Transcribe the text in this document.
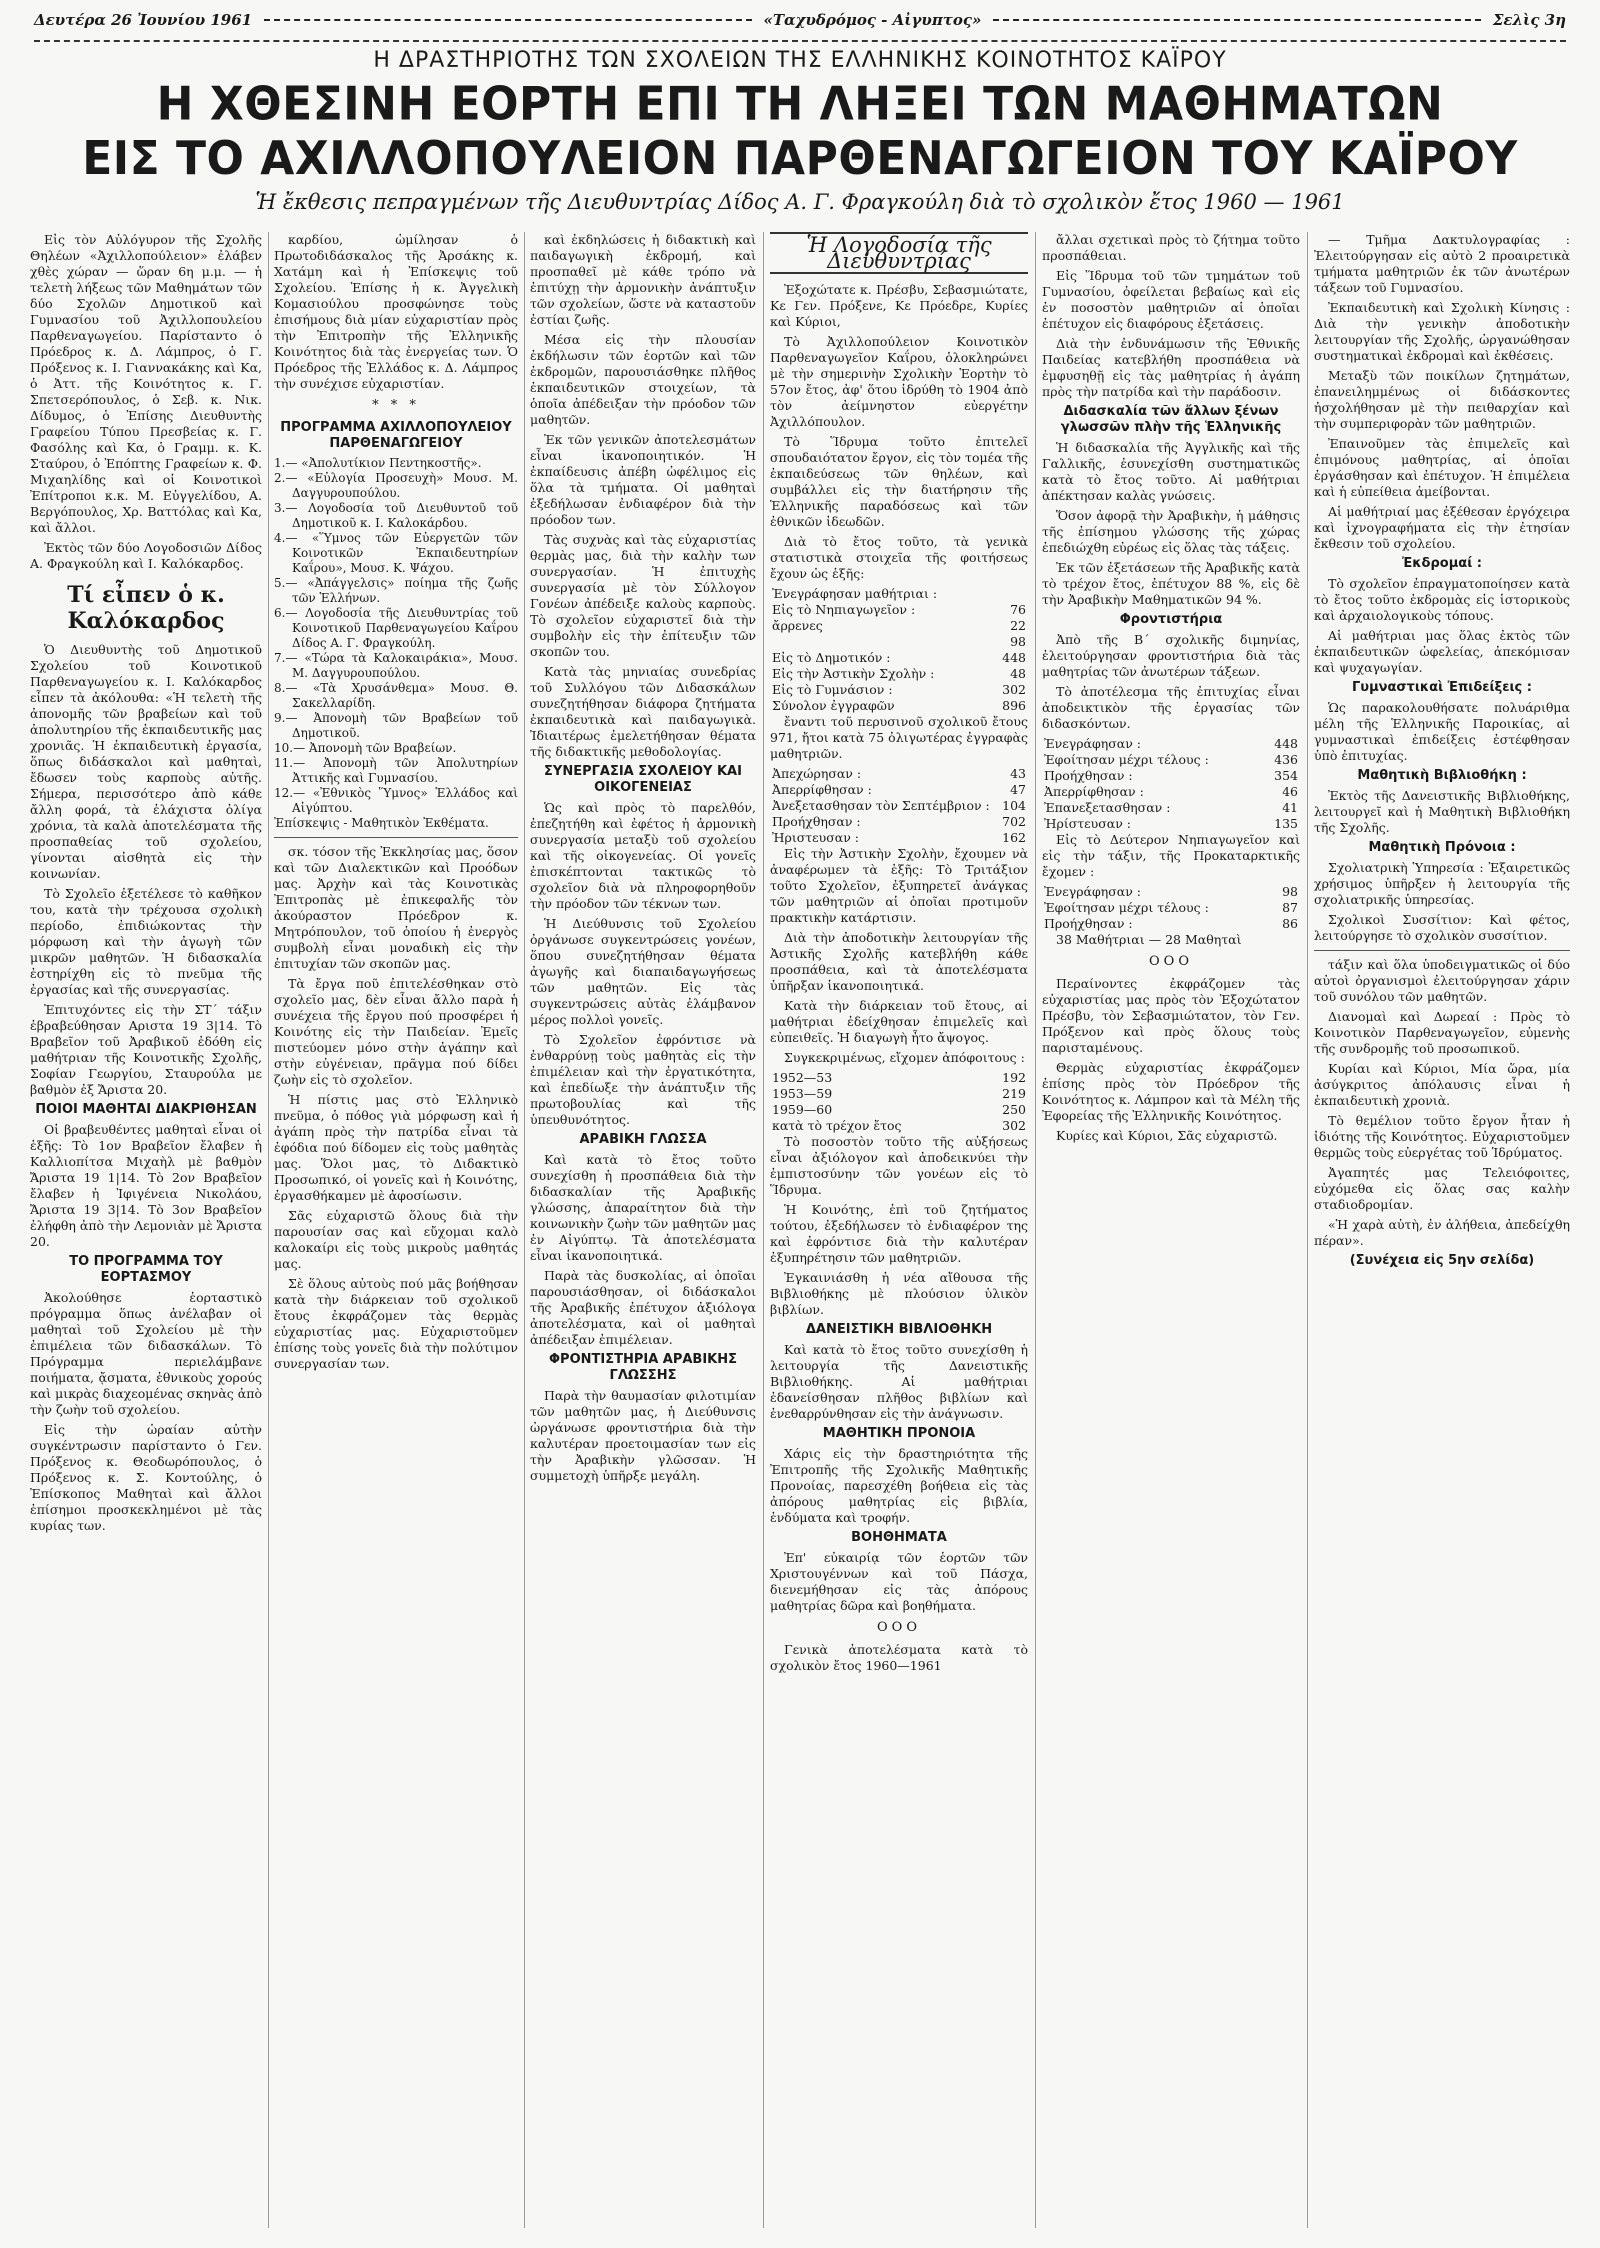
Δευτέρα 26 Ἰουνίου 1961	«Ταχυδρόμος - Αἰγυπτος»	Σελὶς 3η
Η ΔΡΑΣΤΗΡΙΟΤΗΣ ΤΩΝ ΣΧΟΛΕΙΩΝ ΤΗΣ ΕΛΛΗΝΙΚΗΣ ΚΟΙΝΟΤΗΤΟΣ ΚΑΪΡΟΥ
Η ΧΘΕΣΙΝΗ ΕΟΡΤΗ ΕΠΙ ΤΗ ΛΗΞΕΙ ΤΩΝ ΜΑΘΗΜΑΤΩΝ
ΕΙΣ ΤΟ ΑΧΙΛΛΟΠΟΥΛΕΙΟΝ ΠΑΡΘΕΝΑΓΩΓΕΙΟΝ ΤΟΥ ΚΑΪΡΟΥ
Ἡ ἔκθεσις πεπραγμένων τῆς Διευθυντρίας Δίδος Α. Γ. Φραγκούλη διὰ τὸ σχολικὸν ἔτος 1960 — 1961

Εἰς τὸν Αὐλόγυρον τῆς Σχολῆς Θηλέων «Ἀχιλλοπούλειον» ἐλάβεν χθὲς χώραν — ὥραν 6η μ.μ. — ἡ τελετὴ λήξεως τῶν Μαθημάτων τῶν δύο Σχολῶν Δημοτικοῦ καὶ Γυμνασίου τοῦ Ἀχιλλοπουλείου Παρθεναγωγείου. Παρίσταντο ὁ Πρόεδρος κ. Δ. Λάμπρος, ὁ Γ. Πρόξενος κ. Ι. Γιαννακάκης καὶ Κα, ὁ Ἀττ. τῆς Κοινότητος κ. Γ. Σπετσερόπουλος, ὁ Σεβ. κ. Νικ. Δίδυμος, ὁ Ἐπίσης Διευθυντὴς Γραφείου Τύπου Πρεσβείας κ. Γ. Φασόλης καὶ Κα, ὁ Γραμμ. κ. Κ. Σταύρου, ὁ Ἐπόπτης Γραφείων κ. Φ. Μιχαηλίδης καὶ οἱ Κοινοτικοὶ Ἐπίτροποι κ.κ. Μ. Εὐγγελίδου, Α. Βεργόπουλος, Χρ. Βαττόλας καὶ Κα, καὶ ἄλλοι.

Ἐκτὸς τῶν δύο Λογοδοσιῶν Δίδος Α. Φραγκούλη καὶ Ι. Καλόκαρδος.

Τί εἶπεν ὁ κ. Καλόκαρδος

Ὁ Διευθυντὴς τοῦ Δημοτικοῦ Σχολείου τοῦ Κοινοτικοῦ Παρθεναγωγείου κ. Ι. Καλόκαρδος εἶπεν τὰ ἀκόλουθα: «Ἡ τελετὴ τῆς ἀπονομῆς τῶν βραβείων καὶ τοῦ ἀπολυτηρίου τῆς ἐκπαιδευτικῆς μας χρονιᾶς. Ἡ ἐκπαιδευτικὴ ἐργασία, ὅπως διδάσκαλοι καὶ μαθηταὶ, ἔδωσεν τοὺς καρποὺς αὐτῆς. Σήμερα, περισσότερο ἀπὸ κάθε ἄλλη φορά, τὰ ἐλάχιστα ὀλίγα χρόνια, τὰ καλὰ ἀποτελέσματα τῆς προσπαθείας τοῦ σχολείου, γίνονται αἰσθητὰ εἰς τὴν κοινωνίαν.

Τὸ Σχολεῖο ἐξετέλεσε τὸ καθῆκον του, κατὰ τὴν τρέχουσα σχολικὴ περίοδο, ἐπιδιώκοντας τὴν μόρφωση καὶ τὴν ἀγωγὴ τῶν μικρῶν μαθητῶν. Ἡ διδασκαλία ἐστηρίχθη εἰς τὸ πνεῦμα τῆς ἐργασίας καὶ τῆς συνεργασίας.

Ἐπιτυχόντες εἰς τὴν ΣΤ΄ τάξιν ἐβραβεύθησαν Αριστα 19 3|14. Τὸ Βραβεῖον τοῦ Ἀραβικοῦ ἐδόθη εἰς μαθήτριαν τῆς Κοινοτικῆς Σχολῆς, Σοφίαν Γεωργίου, Σταυρούλα με βαθμὸν ἐξ Ἄριστα 20.

ΠΟΙΟΙ ΜΑΘΗΤΑΙ ΔΙΑΚΡΙΘΗΣΑΝ

Οἱ βραβευθέντες μαθηταὶ εἶναι οἱ ἑξῆς: Τὸ 1ον Βραβεῖον ἔλαβεν ἡ Καλλιοπίτσα Μιχαὴλ μὲ βαθμὸν Ἄριστα 19 1|14. Τὸ 2ον Βραβεῖον ἔλαβεν ἡ Ἰφιγένεια Νικολάου, Ἄριστα 19 3|14. Τὸ 3ον Βραβεῖον ἐλήφθη ἀπὸ τὴν Λεμονιὰν μὲ Ἄριστα 20.

ΤΟ ΠΡΟΓΡΑΜΜΑ ΤΟΥ ΕΟΡΤΑΣΜΟΥ

Ἀκολούθησε ἑορταστικὸ πρόγραμμα ὅπως ἀνέλαβαν οἱ μαθηταὶ τοῦ Σχολείου μὲ τὴν ἐπιμέλεια τῶν διδασκάλων. Τὸ Πρόγραμμα περιελάμβανε ποιήματα, ᾄσματα, ἐθνικοὺς χορούς καὶ μικρὰς διαχεομένας σκηνὰς ἀπὸ τὴν ζωὴν τοῦ σχολείου.

Εἰς τὴν ὡραίαν αὐτὴν συγκέντρωσιν παρίσταντο ὁ Γεν. Πρόξενος κ. Θεοδωρόπουλος, ὁ Πρόξενος κ. Σ. Κοντούλης, ὁ Ἐπίσκοπος Μαθηταὶ καὶ ἄλλοι ἐπίσημοι προσκεκλημένοι μὲ τὰς κυρίας των.

καρδίου, ὡμίλησαν ὁ Πρωτοδιδάσκαλος τῆς Ἀρσάκης κ. Χατάμη καὶ ἡ Ἐπίσκεψις τοῦ Σχολείου. Ἐπίσης ἡ κ. Ἀγγελικὴ Κομασιούλου προσφώνησε τοὺς ἐπισήμους διὰ μίαν εὐχαριστίαν πρὸς τὴν Ἐπιτροπὴν τῆς Ἑλληνικῆς Κοινότητος διὰ τὰς ἐνεργείας των. Ὁ Πρόεδρος τῆς Ἑλλάδος κ. Δ. Λάμπρος τὴν συνέχισε εὐχαριστίαν.

* * *

ΠΡΟΓΡΑΜΜΑ ΑΧΙΛΛΟΠΟΥΛΕΙΟΥ ΠΑΡΘΕΝΑΓΩΓΕΙΟΥ

1.— «Ἀπολυτίκιον Πεντηκοστῆς».
2.— «Εὐλογία Προσευχὴ» Μουσ. Μ. Δαγγυρουπούλου.
3.— Λογοδοσία τοῦ Διευθυντοῦ τοῦ Δημοτικοῦ κ. Ι. Καλοκάρδου.
4.— «Ὕμνος τῶν Εὐεργετῶν τῶν Κοινοτικῶν Ἐκπαιδευτηρίων Καΐρου», Μουσ. Κ. Ψάχου.
5.— «Ἀπάγγελσις» ποίημα τῆς ζωῆς τῶν Ἑλλήνων.
6.— Λογοδοσία τῆς Διευθυντρίας τοῦ Κοινοτικοῦ Παρθεναγωγείου Καΐρου Δίδος Α. Γ. Φραγκούλη.
7.— «Τώρα τὰ Καλοκαιράκια», Μουσ. Μ. Δαγγυρουπούλου.
8.— «Τὰ Χρυσάνθεμα» Μουσ. Θ. Σακελλαρίδη.
9.— Ἀπονομὴ τῶν Βραβείων τοῦ Δημοτικοῦ.
10.— Ἀπονομὴ τῶν Βραβείων.
11.— Ἀπονομὴ τῶν Ἀπολυτηρίων Ἀττικῆς καὶ Γυμνασίου.
12.— «Ἐθνικὸς Ὕμνος» Ἑλλάδος καὶ Αἰγύπτου.
Ἐπίσκεψις - Μαθητικὸν Ἐκθέματα.

σκ. τόσον τῆς Ἐκκλησίας μας, ὅσον καὶ τῶν Διαλεκτικῶν καὶ Προόδων μας. Ἀρχὴν καὶ τὰς Κοινοτικὰς Ἐπιτροπὰς μὲ ἐπικεφαλῆς τὸν ἀκούραστον Πρόεδρον κ. Μητρόπουλον, τοῦ ὁποίου ἡ ἐνεργὸς συμβολὴ εἶναι μοναδικὴ εἰς τὴν ἐπιτυχίαν τῶν σκοπῶν μας.

Τὰ ἔργα ποῦ ἐπιτελέσθηκαν στὸ σχολεῖο μας, δὲν εἶναι ἄλλο παρὰ ἡ συνέχεια τῆς ἔργου πού προσφέρει ἡ Κοινότης εἰς τὴν Παιδείαν. Ἐμεῖς πιστεύομεν μόνο στὴν ἀγάπην καὶ στὴν εὐγένειαν, πρᾶγμα πού δίδει ζωὴν εἰς τὸ σχολεῖον.

Ἡ πίστις μας στὸ Ἑλληνικὸ πνεῦμα, ὁ πόθος γιὰ μόρφωση καὶ ἡ ἀγάπη πρὸς τὴν πατρίδα εἶναι τὰ ἐφόδια πού δίδομεν εἰς τοὺς μαθητὰς μας. Ὅλοι μας, τὸ Διδακτικὸ Προσωπικό, οἱ γονεῖς καὶ ἡ Κοινότης, ἐργασθήκαμεν μὲ ἀφοσίωσιν.

Σᾶς εὐχαριστῶ ὅλους διὰ τὴν παρουσίαν σας καὶ εὔχομαι καλὸ καλοκαίρι εἰς τοὺς μικροὺς μαθητάς μας.

Σὲ ὅλους αὐτοὺς πού μᾶς βοήθησαν κατὰ τὴν διάρκειαν τοῦ σχολικοῦ ἔτους ἐκφράζομεν τὰς θερμὰς εὐχαριστίας μας. Εὐχαριστοῦμεν ἐπίσης τοὺς γονεῖς διὰ τὴν πολύτιμον συνεργασίαν των.

καὶ ἐκδηλώσεις ἡ διδακτικὴ καὶ παιδαγωγικὴ ἐκδρομή, καὶ προσπαθεῖ μὲ κάθε τρόπο νὰ ἐπιτύχῃ τὴν ἀρμονικὴν ἀνάπτυξιν τῶν σχολείων, ὥστε νὰ καταστοῦν ἐστίαι ζωῆς.

Μέσα εἰς τὴν πλουσίαν ἐκδήλωσιν τῶν ἑορτῶν καὶ τῶν ἐκδρομῶν, παρουσιάσθηκε πλῆθος ἐκπαιδευτικῶν στοιχείων, τὰ ὁποῖα ἀπέδειξαν τὴν πρόοδον τῶν μαθητῶν.

Ἐκ τῶν γενικῶν ἀποτελεσμάτων εἶναι ἱκανοποιητικόν. Ἡ ἐκπαίδευσις ἀπέβη ὠφέλιμος εἰς ὅλα τὰ τμήματα. Οἱ μαθηταὶ ἐξεδήλωσαν ἐνδιαφέρον διὰ τὴν πρόοδον των.

Τὰς συχνὰς καὶ τὰς εὐχαριστίας θερμὰς μας, διὰ τὴν καλὴν των συνεργασίαν. Ἡ ἐπιτυχὴς συνεργασία μὲ τὸν Σύλλογον Γονέων ἀπέδειξε καλοὺς καρποὺς. Τὸ σχολεῖον εὐχαριστεῖ διὰ τὴν συμβολὴν εἰς τὴν ἐπίτευξιν τῶν σκοπῶν του.

Κατὰ τὰς μηνιαίας συνεδρίας τοῦ Συλλόγου τῶν Διδασκάλων συνεζητήθησαν διάφορα ζητήματα ἐκπαιδευτικὰ καὶ παιδαγωγικὰ. Ἰδιαιτέρως ἐμελετήθησαν θέματα τῆς διδακτικῆς μεθοδολογίας.

ΣΥΝΕΡΓΑΣΙΑ ΣΧΟΛΕΙΟΥ ΚΑΙ ΟΙΚΟΓΕΝΕΙΑΣ

Ὡς καὶ πρὸς τὸ παρελθόν, ἐπεζητήθη καὶ ἐφέτος ἡ ἀρμονικὴ συνεργασία μεταξὺ τοῦ σχολείου καὶ τῆς οἰκογενείας. Οἱ γονεῖς ἐπισκέπτονται τακτικῶς τὸ σχολεῖον διὰ νὰ πληροφορηθοῦν τὴν πρόοδον τῶν τέκνων των.

Ἡ Διεύθυνσις τοῦ Σχολείου ὀργάνωσε συγκεντρώσεις γονέων, ὅπου συνεζητήθησαν θέματα ἀγωγῆς καὶ διαπαιδαγωγήσεως τῶν μαθητῶν. Εἰς τὰς συγκεντρώσεις αὐτὰς ἐλάμβανον μέρος πολλοὶ γονεῖς.

Τὸ Σχολεῖον ἐφρόντισε νὰ ἐνθαρρύνῃ τοὺς μαθητὰς εἰς τὴν ἐπιμέλειαν καὶ τὴν ἐργατικότητα, καὶ ἐπεδίωξε τὴν ἀνάπτυξιν τῆς πρωτοβουλίας καὶ τῆς ὑπευθυνότητος.

ΑΡΑΒΙΚΗ ΓΛΩΣΣΑ

Καὶ κατὰ τὸ ἔτος τοῦτο συνεχίσθη ἡ προσπάθεια διὰ τὴν διδασκαλίαν τῆς Ἀραβικῆς γλώσσης, ἀπαραίτητον διὰ τὴν κοινωνικὴν ζωὴν τῶν μαθητῶν μας ἐν Αἰγύπτῳ. Τὰ ἀποτελέσματα εἶναι ἱκανοποιητικά.

Παρὰ τὰς δυσκολίας, αἱ ὁποῖαι παρουσιάσθησαν, οἱ διδάσκαλοι τῆς Ἀραβικῆς ἐπέτυχον ἀξιόλογα ἀποτελέσματα, καὶ οἱ μαθηταὶ ἀπέδειξαν ἐπιμέλειαν.

ΦΡΟΝΤΙΣΤΗΡΙΑ ΑΡΑΒΙΚΗΣ ΓΛΩΣΣΗΣ

Παρὰ τὴν θαυμασίαν φιλοτιμίαν τῶν μαθητῶν μας, ἡ Διεύθυνσις ὠργάνωσε φροντιστήρια διὰ τὴν καλυτέραν προετοιμασίαν των εἰς τὴν Ἀραβικὴν γλῶσσαν. Ἡ συμμετοχὴ ὑπῆρξε μεγάλη.

Ἡ Λογοδοσία τῆς Διευθυντρίας

Ἐξοχώτατε κ. Πρέσβυ, Σεβασμιώτατε, Κε Γεν. Πρόξενε, Κε Πρόεδρε, Κυρίες καὶ Κύριοι,

Τὸ Ἀχιλλοπούλειον Κοινοτικὸν Παρθεναγωγεῖον Καΐρου, ὁλοκληρώνει μὲ τὴν σημερινὴν Σχολικὴν Ἑορτὴν τὸ 57ον ἔτος, ἀφ' ὅτου ἱδρύθη τὸ 1904 ἀπὸ τὸν ἀείμνηστον εὐεργέτην Ἀχιλλόπουλον.

Τὸ Ἵδρυμα τοῦτο ἐπιτελεῖ σπουδαιότατον ἔργον, εἰς τὸν τομέα τῆς ἐκπαιδεύσεως τῶν θηλέων, καὶ συμβάλλει εἰς τὴν διατήρησιν τῆς Ἑλληνικῆς παραδόσεως καὶ τῶν ἐθνικῶν ἰδεωδῶν.

Διὰ τὸ ἔτος τοῦτο, τὰ γενικὰ στατιστικὰ στοιχεῖα τῆς φοιτήσεως ἔχουν ὡς ἑξῆς:

Ἐνεγράφησαν μαθήτριαι :	
Εἰς τὸ Νηπιαγωγεῖον :	76
ἄρρενες	22
	98
Εἰς τὸ Δημοτικόν :	448
Εἰς τὴν Ἀστικὴν Σχολὴν :	48
Εἰς τὸ Γυμνάσιον :	302
Σύνολον ἐγγραφῶν	896

ἔναντι τοῦ περυσινοῦ σχολικοῦ ἔτους 971, ἤτοι κατὰ 75 ὀλιγωτέρας ἐγγραφὰς μαθητριῶν.

Ἀπεχώρησαν :	43
Ἀπερρίφθησαν :	47
Ἀνεξετασθησαν τὸν Σεπτέμβριον :	104
Προήχθησαν :	702
Ἠριστευσαν :	162

Εἰς τὴν Ἀστικὴν Σχολὴν, ἔχουμεν νὰ ἀναφέρωμεν τὰ ἑξῆς: Τὸ Τριτάξιον τοῦτο Σχολεῖον, ἐξυπηρετεῖ ἀνάγκας τῶν μαθητριῶν αἱ ὁποῖαι προτιμοῦν πρακτικὴν κατάρτισιν.

Διὰ τὴν ἀποδοτικὴν λειτουργίαν τῆς Ἀστικῆς Σχολῆς κατεβλήθη κάθε προσπάθεια, καὶ τὰ ἀποτελέσματα ὑπῆρξαν ἱκανοποιητικά.

Κατὰ τὴν διάρκειαν τοῦ ἔτους, αἱ μαθήτριαι ἐδείχθησαν ἐπιμελεῖς καὶ εὐπειθεῖς. Ἡ διαγωγὴ ἦτο ἄψογος.

Συγκεκριμένως, εἴχομεν ἀπόφοιτους :

1952—53	192
1953—59	219
1959—60	250
κατὰ τὸ τρέχον ἔτος	302

Τὸ ποσοστὸν τοῦτο τῆς αὐξήσεως εἶναι ἀξιόλογον καὶ ἀποδεικνύει τὴν ἐμπιστοσύνην τῶν γονέων εἰς τὸ Ἵδρυμα.

Ἡ Κοινότης, ἐπὶ τοῦ ζητήματος τούτου, ἐξεδήλωσεν τὸ ἐνδιαφέρον της καὶ ἐφρόντισε διὰ τὴν καλυτέραν ἐξυπηρέτησιν τῶν μαθητριῶν.

Ἐγκαινιάσθη ἡ νέα αἴθουσα τῆς Βιβλιοθήκης μὲ πλούσιον ὑλικὸν βιβλίων.

ΔΑΝΕΙΣΤΙΚΗ ΒΙΒΛΙΟΘΗΚΗ

Καὶ κατὰ τὸ ἔτος τοῦτο συνεχίσθη ἡ λειτουργία τῆς Δανειστικῆς Βιβλιοθήκης. Αἱ μαθήτριαι ἐδανείσθησαν πλῆθος βιβλίων καὶ ἐνεθαρρύνθησαν εἰς τὴν ἀνάγνωσιν.

ΜΑΘΗΤΙΚΗ ΠΡΟΝΟΙΑ

Χάρις εἰς τὴν δραστηριότητα τῆς Ἐπιτροπῆς τῆς Σχολικῆς Μαθητικῆς Προνοίας, παρεσχέθη βοήθεια εἰς τὰς ἀπόρους μαθητρίας εἰς βιβλία, ἐνδύματα καὶ τροφήν.

ΒΟΗΘΗΜΑΤΑ

Ἐπ' εὐκαιρίᾳ τῶν ἑορτῶν τῶν Χριστουγέννων καὶ τοῦ Πάσχα, διενεμήθησαν εἰς τὰς ἀπόρους μαθητρίας δῶρα καὶ βοηθήματα.

ΟΟΟ

Γενικὰ ἀποτελέσματα κατὰ τὸ σχολικὸν ἔτος 1960—1961

ἄλλαι σχετικαὶ πρὸς τὸ ζήτημα τοῦτο προσπάθειαι.

Εἰς Ἵδρυμα τοῦ τῶν τμημάτων τοῦ Γυμνασίου, ὀφείλεται βεβαίως καὶ εἰς ἐν ποσοστὸν μαθητριῶν αἱ ὁποῖαι ἐπέτυχον εἰς διαφόρους ἐξετάσεις.

Διὰ τὴν ἐνδυνάμωσιν τῆς Ἐθνικῆς Παιδείας κατεβλήθη προσπάθεια νὰ ἐμφυσηθῇ εἰς τὰς μαθητρίας ἡ ἀγάπη πρὸς τὴν πατρίδα καὶ τὴν παράδοσιν.

Διδασκαλία τῶν ἄλλων ξένων γλωσσῶν πλὴν τῆς Ἑλληνικῆς

Ἡ διδασκαλία τῆς Ἀγγλικῆς καὶ τῆς Γαλλικῆς, ἐσυνεχίσθη συστηματικῶς κατὰ τὸ ἔτος τοῦτο. Αἱ μαθήτριαι ἀπέκτησαν καλὰς γνώσεις.

Ὅσον ἀφορᾷ τὴν Ἀραβικὴν, ἡ μάθησις τῆς ἐπίσημου γλώσσης τῆς χώρας ἐπεδιώχθη εὐρέως εἰς ὅλας τὰς τάξεις.

Ἐκ τῶν ἐξετάσεων τῆς Ἀραβικῆς κατὰ τὸ τρέχον ἔτος, ἐπέτυχον 88 %, εἰς δὲ τὴν Ἀραβικὴν Μαθηματικῶν 94 %.

Φροντιστήρια

Ἀπὸ τῆς Β΄ σχολικῆς διμηνίας, ἐλειτούργησαν φροντιστήρια διὰ τὰς μαθητρίας τῶν ἀνωτέρων τάξεων.

Τὸ ἀποτέλεσμα τῆς ἐπιτυχίας εἶναι ἀποδεικτικὸν τῆς ἐργασίας τῶν διδασκόντων.

Ἐνεγράφησαν :	448
Ἐφοίτησαν μέχρι τέλους :	436
Προήχθησαν :	354
Ἀπερρίφθησαν :	46
Ἐπανεξετασθησαν :	41
Ἠρίστευσαν :	135

Εἰς τὸ Δεύτερον Νηπιαγωγεῖον καὶ εἰς τὴν τάξιν, τῆς Προκαταρκτικῆς ἔχομεν :

Ἐνεγράφησαν :	98
Ἐφοίτησαν μέχρι τέλους :	87
Προήχθησαν :	86

38 Μαθήτριαι — 28 Μαθηταὶ

ΟΟΟ

Περαίνοντες ἐκφράζομεν τὰς εὐχαριστίας μας πρὸς τὸν Ἐξοχώτατον Πρέσβυ, τὸν Σεβασμιώτατον, τὸν Γεν. Πρόξενον καὶ πρὸς ὅλους τοὺς παρισταμένους.

Θερμὰς εὐχαριστίας ἐκφράζομεν ἐπίσης πρὸς τὸν Πρόεδρον τῆς Κοινότητος κ. Λάμπρον καὶ τὰ Μέλη τῆς Ἐφορείας τῆς Ἑλληνικῆς Κοινότητος.

Κυρίες καὶ Κύριοι, Σᾶς εὐχαριστῶ.

— Τμῆμα Δακτυλογραφίας : Ἐλειτούργησαν εἰς αὐτὸ 2 προαιρετικὰ τμήματα μαθητριῶν ἐκ τῶν ἀνωτέρων τάξεων τοῦ Γυμνασίου.

Ἐκπαιδευτικὴ καὶ Σχολικὴ Κίνησις : Διὰ τὴν γενικὴν ἀποδοτικὴν λειτουργίαν τῆς Σχολῆς, ὠργανώθησαν συστηματικαὶ ἐκδρομαὶ καὶ ἐκθέσεις.

Μεταξὺ τῶν ποικίλων ζητημάτων, ἐπανειλημμένως οἱ διδάσκοντες ἠσχολήθησαν μὲ τὴν πειθαρχίαν καὶ τὴν συμπεριφορὰν τῶν μαθητριῶν.

Ἐπαινοῦμεν τὰς ἐπιμελεῖς καὶ ἐπιμόνους μαθητρίας, αἱ ὁποῖαι ἐργάσθησαν καὶ ἐπέτυχον. Ἡ ἐπιμέλεια καὶ ἡ εὐπείθεια ἀμείβονται.

Αἱ μαθήτριαί μας ἐξέθεσαν ἐργόχειρα καὶ ἰχνογραφήματα εἰς τὴν ἐτησίαν ἔκθεσιν τοῦ σχολείου.

Ἐκδρομαί :

Τὸ σχολεῖον ἐπραγματοποίησεν κατὰ τὸ ἔτος τοῦτο ἐκδρομὰς εἰς ἱστορικοὺς καὶ ἀρχαιολογικοὺς τόπους.

Αἱ μαθήτριαι μας ὅλας ἐκτὸς τῶν ἐκπαιδευτικῶν ὠφελείας, ἀπεκόμισαν καὶ ψυχαγωγίαν.

Γυμναστικαὶ Ἐπιδείξεις :

Ὡς παρακολουθήσατε πολυάριθμα μέλη τῆς Ἑλληνικῆς Παροικίας, αἱ γυμναστικαὶ ἐπιδείξεις ἐστέφθησαν ὑπὸ ἐπιτυχίας.

Μαθητικὴ Βιβλιοθήκη :

Ἐκτὸς τῆς Δανειστικῆς Βιβλιοθήκης, λειτουργεῖ καὶ ἡ Μαθητικὴ Βιβλιοθήκη τῆς Σχολῆς.

Μαθητικὴ Πρόνοια :

Σχολιατρικὴ Ὑπηρεσία : Ἐξαιρετικῶς χρήσιμος ὑπῆρξεν ἡ λειτουργία τῆς σχολιατρικῆς ὑπηρεσίας.

Σχολικοὶ Συσσίτιον: Καὶ φέτος, λειτούργησε τὸ σχολικὸν συσσίτιον.

τάξιν καὶ ὅλα ὑποδειγματικῶς οἱ δύο αὐτοὶ ὀργανισμοὶ ἐλειτούργησαν χάριν τοῦ συνόλου τῶν μαθητῶν.

Διανομαὶ καὶ Δωρεαί : Πρὸς τὸ Κοινοτικὸν Παρθεναγωγεῖον, εὐμενὴς τῆς συνδρομῆς τοῦ προσωπικοῦ.

Κυρίαι καὶ Κύριοι, Μία ὥρα, μία ἀσύγκριτος ἀπόλαυσις εἶναι ἡ ἐκπαιδευτικὴ χρονιὰ.

Τὸ θεμέλιον τοῦτο ἔργον ἦταν ἡ ἰδιότης τῆς Κοινότητος. Εὐχαριστοῦμεν θερμῶς τοὺς εὐεργέτας τοῦ Ἱδρύματος.

Ἀγαπητές μας Τελειόφοιτες, εὐχόμεθα εἰς ὅλας σας καλὴν σταδιοδρομίαν.

«Ἡ χαρὰ αὐτὴ, ἐν ἀλήθεια, ἀπεδείχθη πέραν».

(Συνέχεια εἰς 5ην σελίδα)
